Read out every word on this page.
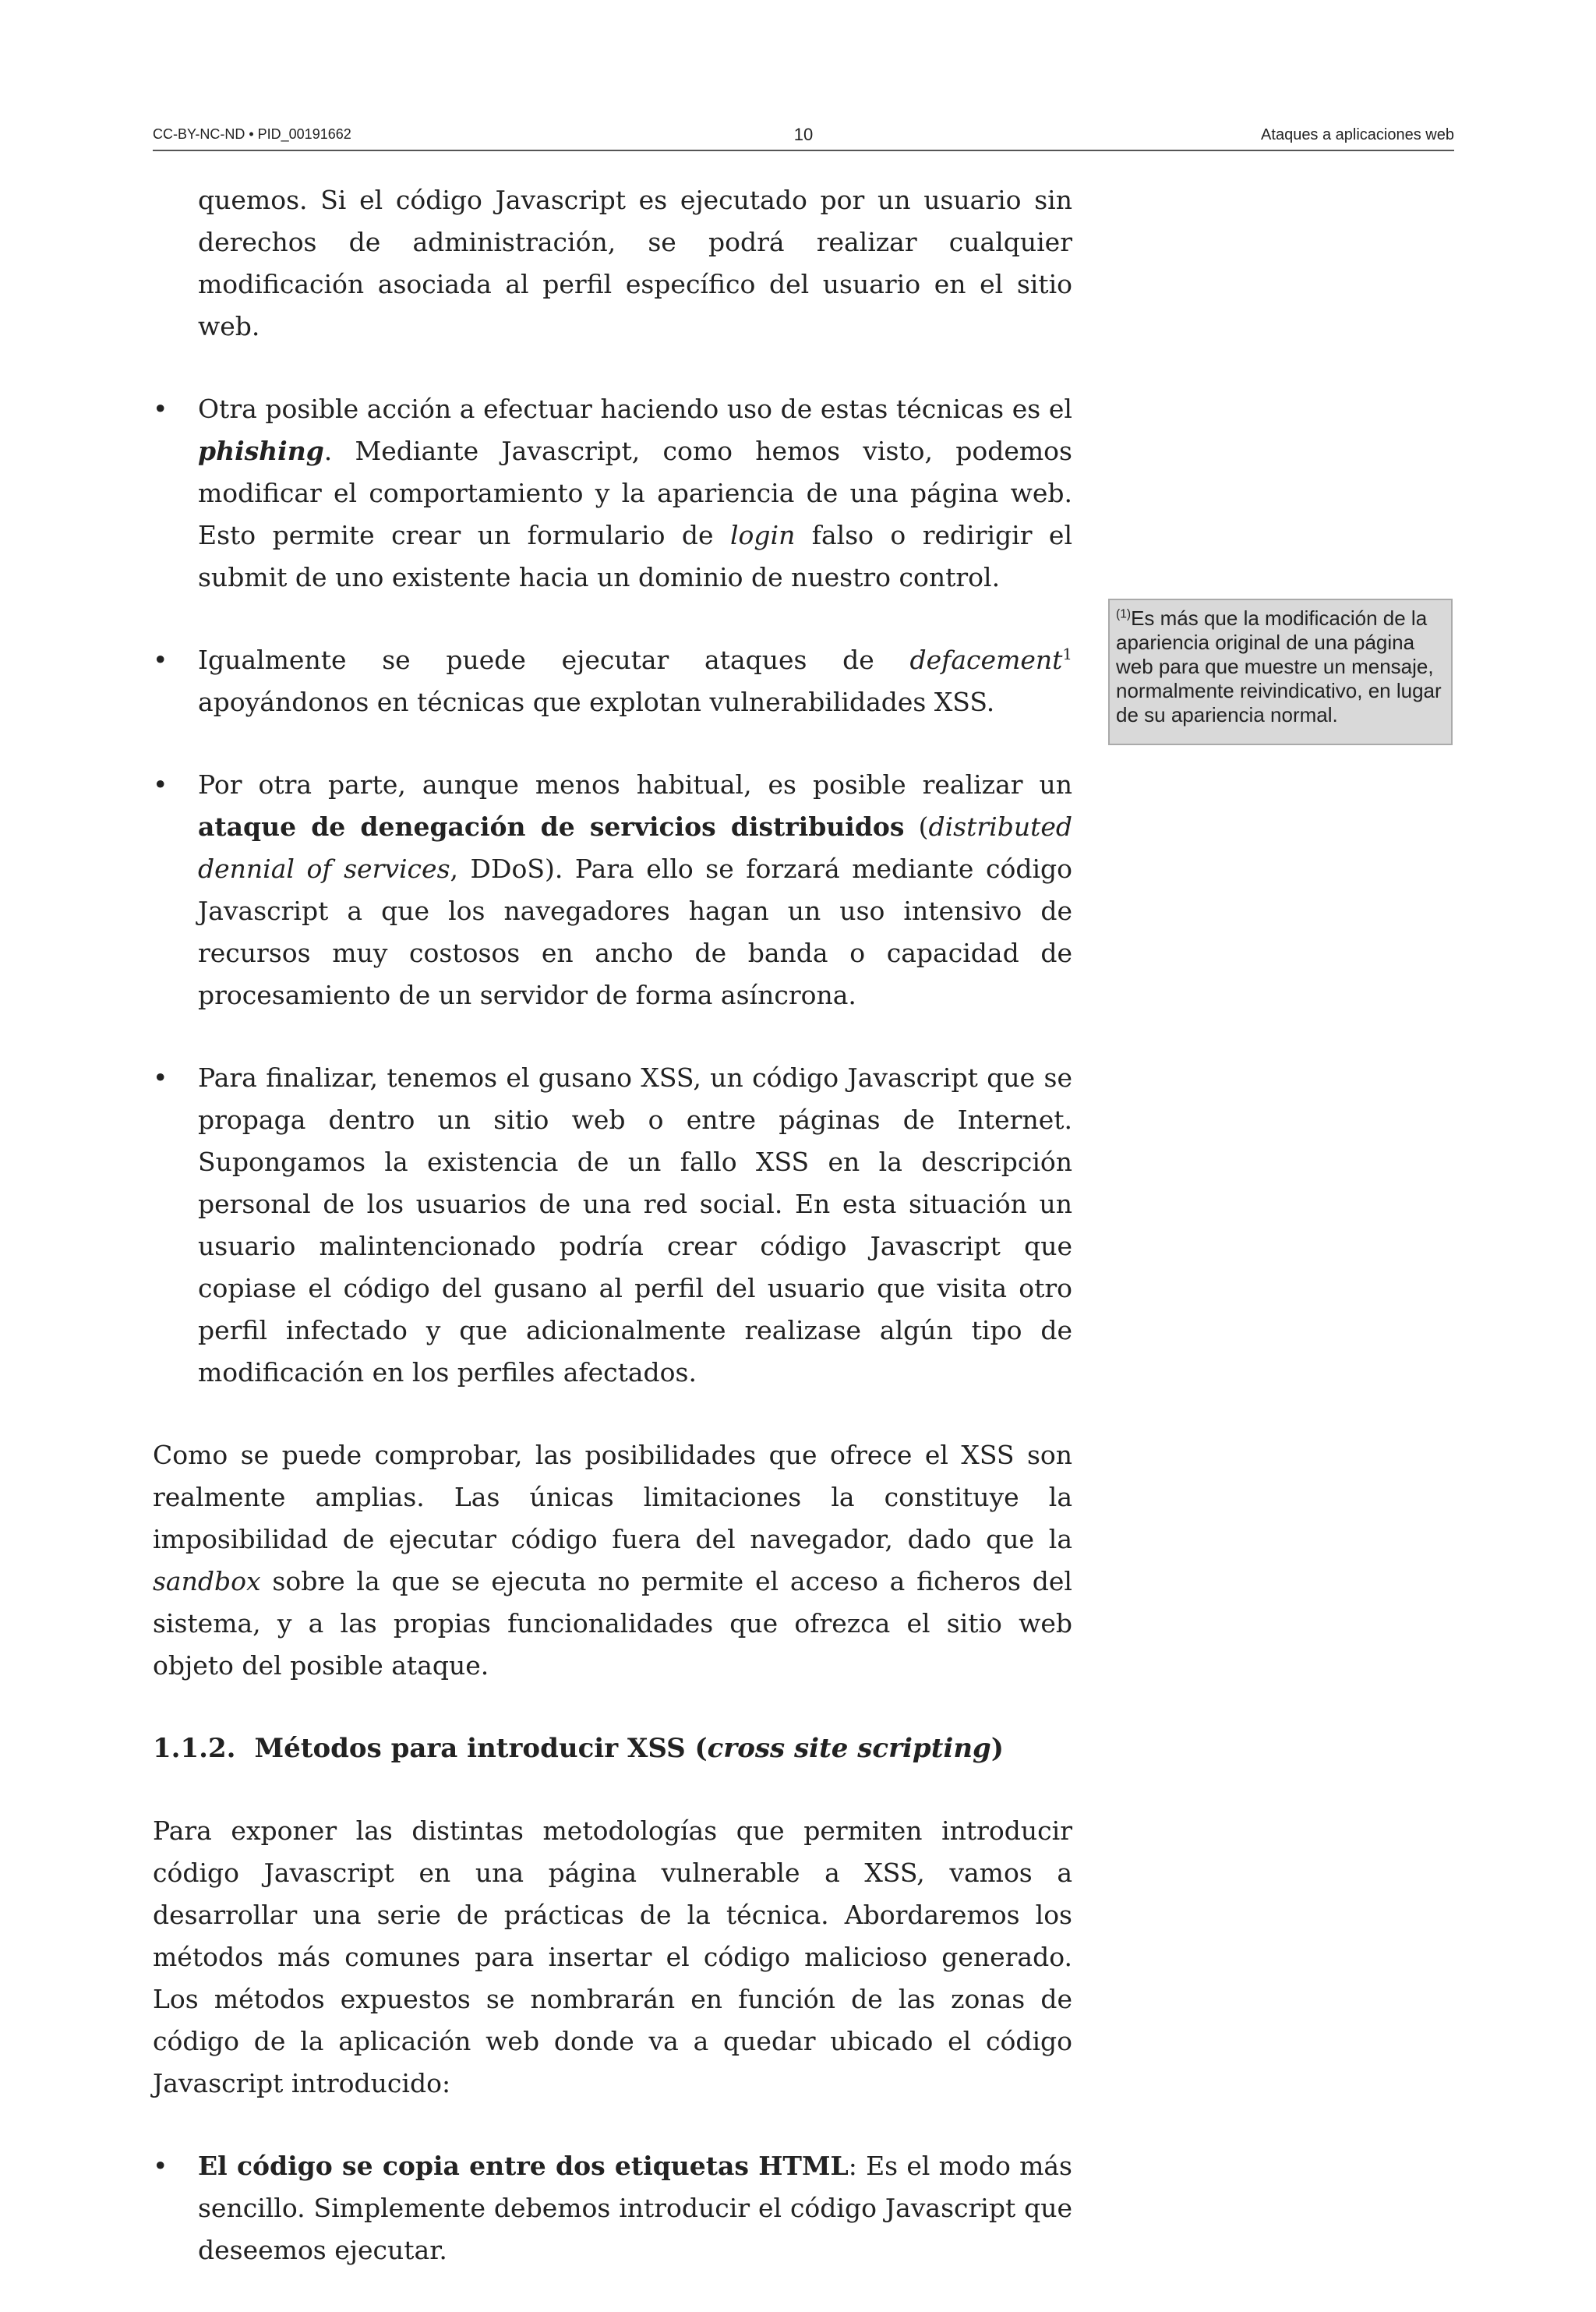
CC-BY-NC-ND • PID_00191662	10	Ataques a aplicaciones web
quemos. Si el código Javascript es ejecutado por un usuario sin derechos de administración, se podrá realizar cualquier modificación asociada al perfil específico del usuario en el sitio web.
• Otra posible acción a efectuar haciendo uso de estas técnicas es el phishing. Mediante Javascript, como hemos visto, podemos modificar el comportamiento y la apariencia de una página web. Esto permite crear un formulario de login falso o redirigir el submit de uno existente hacia un dominio de nuestro control.
• Igualmente se puede ejecutar ataques de defacement$^1$ apoyándonos en técnicas que explotan vulnerabilidades XSS.
• Por otra parte, aunque menos habitual, es posible realizar un ataque de denegación de servicios distribuidos (distributed dennial of services, DDoS). Para ello se forzará mediante código Javascript a que los navegadores hagan un uso intensivo de recursos muy costosos en ancho de banda o capacidad de procesamiento de un servidor de forma asíncrona.
• Para finalizar, tenemos el gusano XSS, un código Javascript que se propaga dentro un sitio web o entre páginas de Internet. Supongamos la existencia de un fallo XSS en la descripción personal de los usuarios de una red social. En esta situación un usuario malintencionado podría crear código Javascript que copiase el código del gusano al perfil del usuario que visita otro perfil infectado y que adicionalmente realizase algún tipo de modificación en los perfiles afectados.

Como se puede comprobar, las posibilidades que ofrece el XSS son realmente amplias. Las únicas limitaciones la constituye la imposibilidad de ejecutar código fuera del navegador, dado que la sandbox sobre la que se ejecuta no permite el acceso a ficheros del sistema, y a las propias funcionalidades que ofrezca el sitio web objeto del posible ataque.

1.1.2. Métodos para introducir XSS (cross site scripting)

Para exponer las distintas metodologías que permiten introducir código Javascript en una página vulnerable a XSS, vamos a desarrollar una serie de prácticas de la técnica. Abordaremos los métodos más comunes para insertar el código malicioso generado. Los métodos expuestos se nombrarán en función de las zonas de código de la aplicación web donde va a quedar ubicado el código Javascript introducido:

• El código se copia entre dos etiquetas HTML: Es el modo más sencillo. Simplemente debemos introducir el código Javascript que deseemos ejecutar.
$^{(1)}$Es más que la modificación de la apariencia original de una página web para que muestre un mensaje, normalmente reivindicativo, en lugar de su apariencia normal.
